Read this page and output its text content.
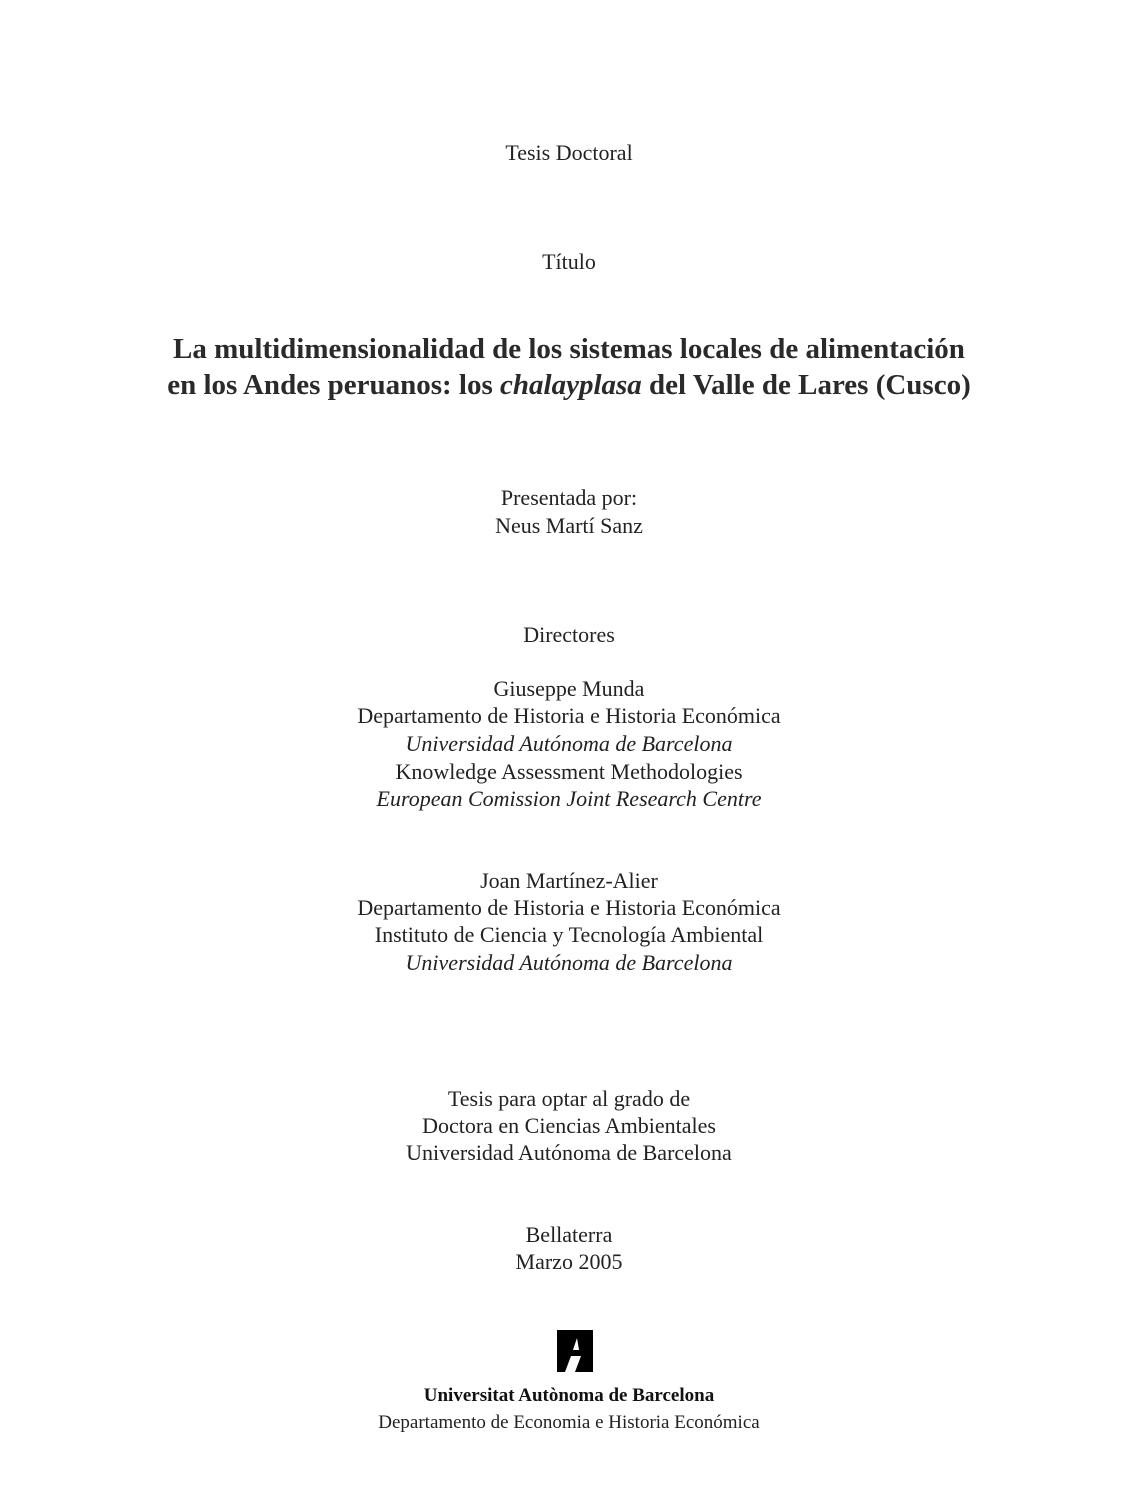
Tesis Doctoral
Título
La multidimensionalidad de los sistemas locales de alimentación
en los Andes peruanos: los chalayplasa del Valle de Lares (Cusco)
Presentada por:
Neus Martí Sanz
Directores
Giuseppe Munda
Departamento de Historia e Historia Económica
Universidad Autónoma de Barcelona
Knowledge Assessment Methodologies
European Comission Joint Research Centre
Joan Martínez-Alier
Departamento de Historia e Historia Económica
Instituto de Ciencia y Tecnología Ambiental
Universidad Autónoma de Barcelona
Tesis para optar al grado de
Doctora en Ciencias Ambientales
Universidad Autónoma de Barcelona
Bellaterra
Marzo 2005
Universitat Autònoma de Barcelona
Departamento de Economia e Historia Económica
